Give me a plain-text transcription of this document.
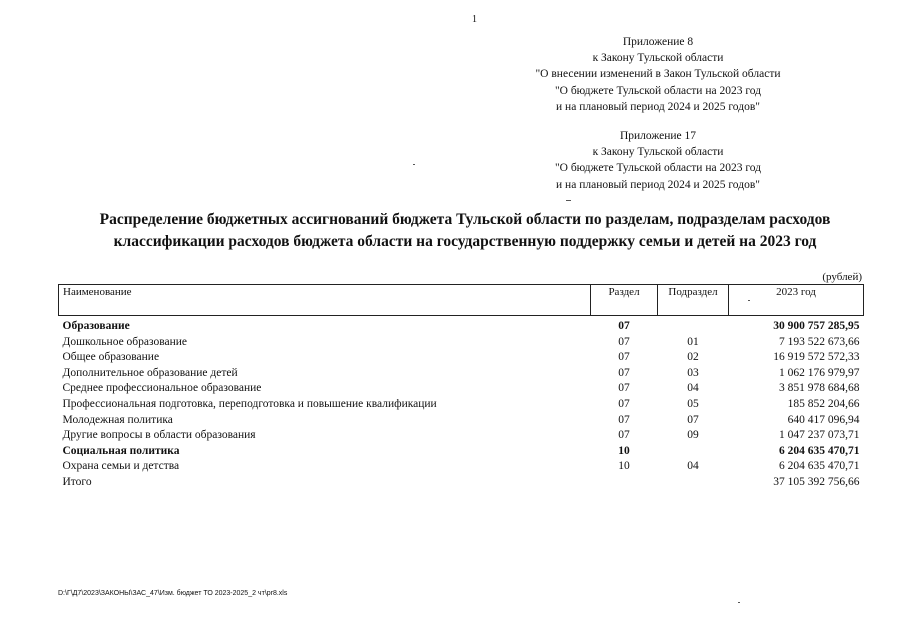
1
Приложение 8
к Закону Тульской области
"О внесении изменений в Закон Тульской области
"О бюджете Тульской области на 2023 год
и на плановый период 2024 и 2025 годов"
Приложение 17
к Закону Тульской области
"О бюджете Тульской области на 2023 год
и на плановый период 2024 и 2025 годов"
Распределение бюджетных ассигнований бюджета Тульской области по разделам, подразделам расходов
классификации расходов бюджета области на государственную поддержку семьи и детей на 2023 год
(рублей)
Наименование	Раздел	Подраздел	2023 год
Образование	07		30 900 757 285,95
Дошкольное образование	07	01	7 193 522 673,66
Общее образование	07	02	16 919 572 572,33
Дополнительное образование детей	07	03	1 062 176 979,97
Среднее профессиональное образование	07	04	3 851 978 684,68
Профессиональная подготовка, переподготовка и повышение квалификации	07	05	185 852 204,66
Молодежная политика	07	07	640 417 096,94
Другие вопросы в области образования	07	09	1 047 237 073,71
Социальная политика	10		6 204 635 470,71
Охрана семьи и детства	10	04	6 204 635 470,71
Итого			37 105 392 756,66
D:\Г\Д7\2023\ЗАКОНЫ\ЗАС_47\Изм. бюджет ТО 2023-2025_2 чт\pr8.xls
